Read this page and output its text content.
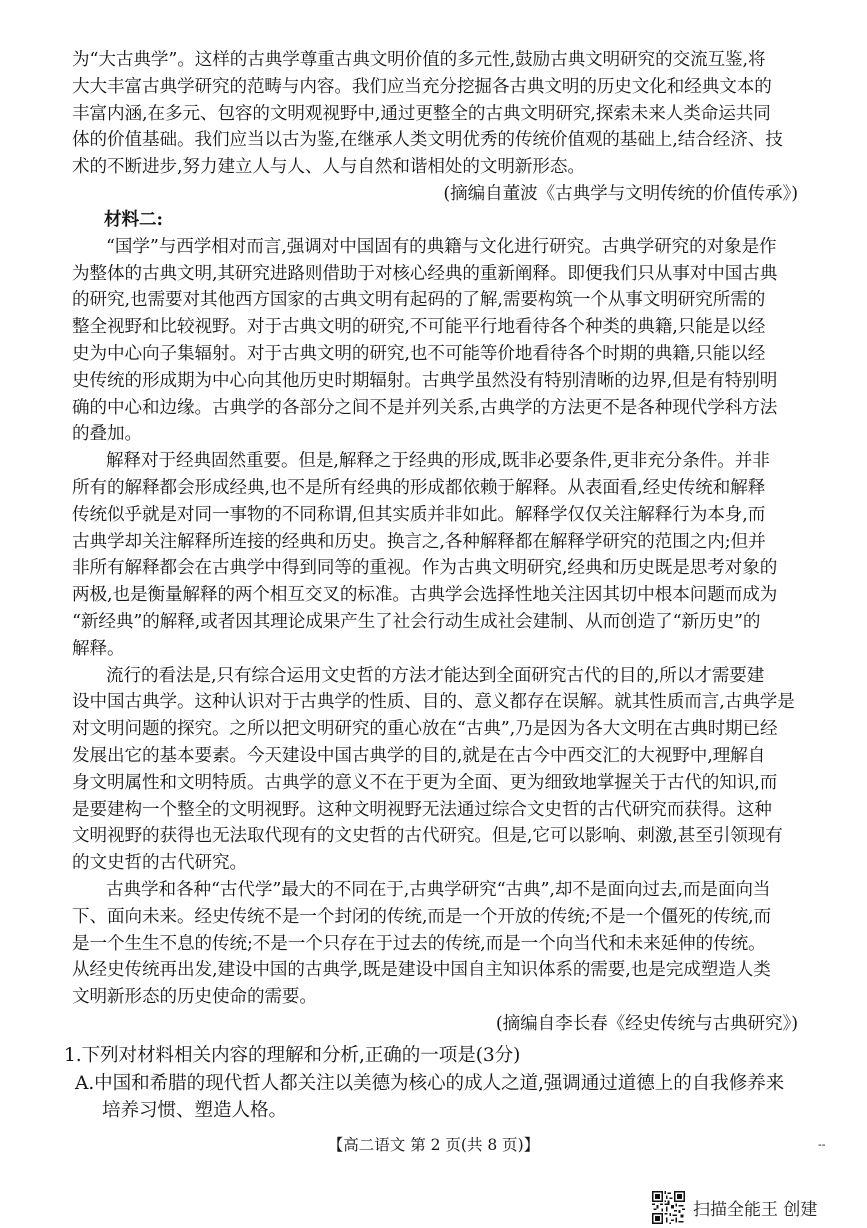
为“大古典学”。这样的古典学尊重古典文明价值的多元性,鼓励古典文明研究的交流互鉴,将
大大丰富古典学研究的范畴与内容。我们应当充分挖掘各古典文明的历史文化和经典文本的
丰富内涵,在多元、包容的文明观视野中,通过更整全的古典文明研究,探索未来人类命运共同
体的价值基础。我们应当以古为鉴,在继承人类文明优秀的传统价值观的基础上,结合经济、技
术的不断进步,努力建立人与人、人与自然和谐相处的文明新形态。
(摘编自董波《古典学与文明传统的价值传承》)
材料二:
“国学”与西学相对而言,强调对中国固有的典籍与文化进行研究。古典学研究的对象是作
为整体的古典文明,其研究进路则借助于对核心经典的重新阐释。即便我们只从事对中国古典
的研究,也需要对其他西方国家的古典文明有起码的了解,需要构筑一个从事文明研究所需的
整全视野和比较视野。对于古典文明的研究,不可能平行地看待各个种类的典籍,只能是以经
史为中心向子集辐射。对于古典文明的研究,也不可能等价地看待各个时期的典籍,只能以经
史传统的形成期为中心向其他历史时期辐射。古典学虽然没有特别清晰的边界,但是有特别明
确的中心和边缘。古典学的各部分之间不是并列关系,古典学的方法更不是各种现代学科方法
的叠加。
解释对于经典固然重要。但是,解释之于经典的形成,既非必要条件,更非充分条件。并非
所有的解释都会形成经典,也不是所有经典的形成都依赖于解释。从表面看,经史传统和解释
传统似乎就是对同一事物的不同称谓,但其实质并非如此。解释学仅仅关注解释行为本身,而
古典学却关注解释所连接的经典和历史。换言之,各种解释都在解释学研究的范围之内;但并
非所有解释都会在古典学中得到同等的重视。作为古典文明研究,经典和历史既是思考对象的
两极,也是衡量解释的两个相互交叉的标准。古典学会选择性地关注因其切中根本问题而成为
“新经典”的解释,或者因其理论成果产生了社会行动生成社会建制、从而创造了“新历史”的
解释。
流行的看法是,只有综合运用文史哲的方法才能达到全面研究古代的目的,所以才需要建
设中国古典学。这种认识对于古典学的性质、目的、意义都存在误解。就其性质而言,古典学是
对文明问题的探究。之所以把文明研究的重心放在“古典”,乃是因为各大文明在古典时期已经
发展出它的基本要素。今天建设中国古典学的目的,就是在古今中西交汇的大视野中,理解自
身文明属性和文明特质。古典学的意义不在于更为全面、更为细致地掌握关于古代的知识,而
是要建构一个整全的文明视野。这种文明视野无法通过综合文史哲的古代研究而获得。这种
文明视野的获得也无法取代现有的文史哲的古代研究。但是,它可以影响、刺激,甚至引领现有
的文史哲的古代研究。
古典学和各种“古代学”最大的不同在于,古典学研究“古典”,却不是面向过去,而是面向当
下、面向未来。经史传统不是一个封闭的传统,而是一个开放的传统;不是一个僵死的传统,而
是一个生生不息的传统;不是一个只存在于过去的传统,而是一个向当代和未来延伸的传统。
从经史传统再出发,建设中国的古典学,既是建设中国自主知识体系的需要,也是完成塑造人类
文明新形态的历史使命的需要。
(摘编自李长春《经史传统与古典研究》)
1.下列对材料相关内容的理解和分析,正确的一项是(3分)
A.中国和希腊的现代哲人都关注以美德为核心的成人之道,强调通过道德上的自我修养来
培养习惯、塑造人格。
【高二语文 第 2 页(共 8 页)】	--
扫描全能王 创建
